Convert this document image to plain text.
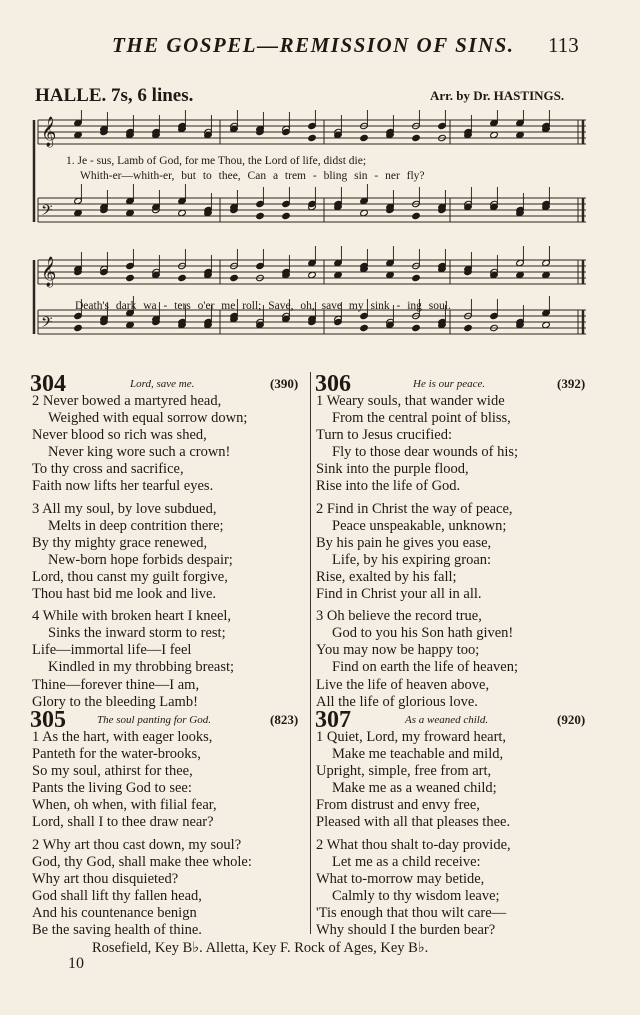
THE GOSPEL—REMISSION OF SINS. 113
HALLE. 7s, 6 lines.	Arr. by Dr. HASTINGS.
𝄞
𝄢
𝄞
𝄢
1. Je - sus, Lamb of God, for me Thou, the Lord of life, didst die;
Whith-er—whith-er, but to thee, Can a trem - bling sin - ner fly?
Death's dark wa - ters o'er me roll; Save, oh, save my sink - ing soul.
304	Lord, save me.	(390)
2 Never bowed a martyred head,
Weighed with equal sorrow down;
Never blood so rich was shed,
Never king wore such a crown!
To thy cross and sacrifice,
Faith now lifts her tearful eyes.
3 All my soul, by love subdued,
Melts in deep contrition there;
By thy mighty grace renewed,
New-born hope forbids despair;
Lord, thou canst my guilt forgive,
Thou hast bid me look and live.
4 While with broken heart I kneel,
Sinks the inward storm to rest;
Life—immortal life—I feel
Kindled in my throbbing breast;
Thine—forever thine—I am,
Glory to the bleeding Lamb!
305	The soul panting for God.	(823)
1 As the hart, with eager looks,
Panteth for the water-brooks,
So my soul, athirst for thee,
Pants the living God to see:
When, oh when, with filial fear,
Lord, shall I to thee draw near?
2 Why art thou cast down, my soul?
God, thy God, shall make thee whole:
Why art thou disquieted?
God shall lift thy fallen head,
And his countenance benign
Be the saving health of thine.
306	He is our peace.	(392)
1 Weary souls, that wander wide
From the central point of bliss,
Turn to Jesus crucified:
Fly to those dear wounds of his;
Sink into the purple flood,
Rise into the life of God.
2 Find in Christ the way of peace,
Peace unspeakable, unknown;
By his pain he gives you ease,
Life, by his expiring groan:
Rise, exalted by his fall;
Find in Christ your all in all.
3 Oh believe the record true,
God to you his Son hath given!
You may now be happy too;
Find on earth the life of heaven;
Live the life of heaven above,
All the life of glorious love.
307	As a weaned child.	(920)
1 Quiet, Lord, my froward heart,
Make me teachable and mild,
Upright, simple, free from art,
Make me as a weaned child;
From distrust and envy free,
Pleased with all that pleases thee.
2 What thou shalt to-day provide,
Let me as a child receive:
What to-morrow may betide,
Calmly to thy wisdom leave;
'Tis enough that thou wilt care—
Why should I the burden bear?
Rosefield, Key B♭. Alletta, Key F. Rock of Ages, Key B♭.
10
